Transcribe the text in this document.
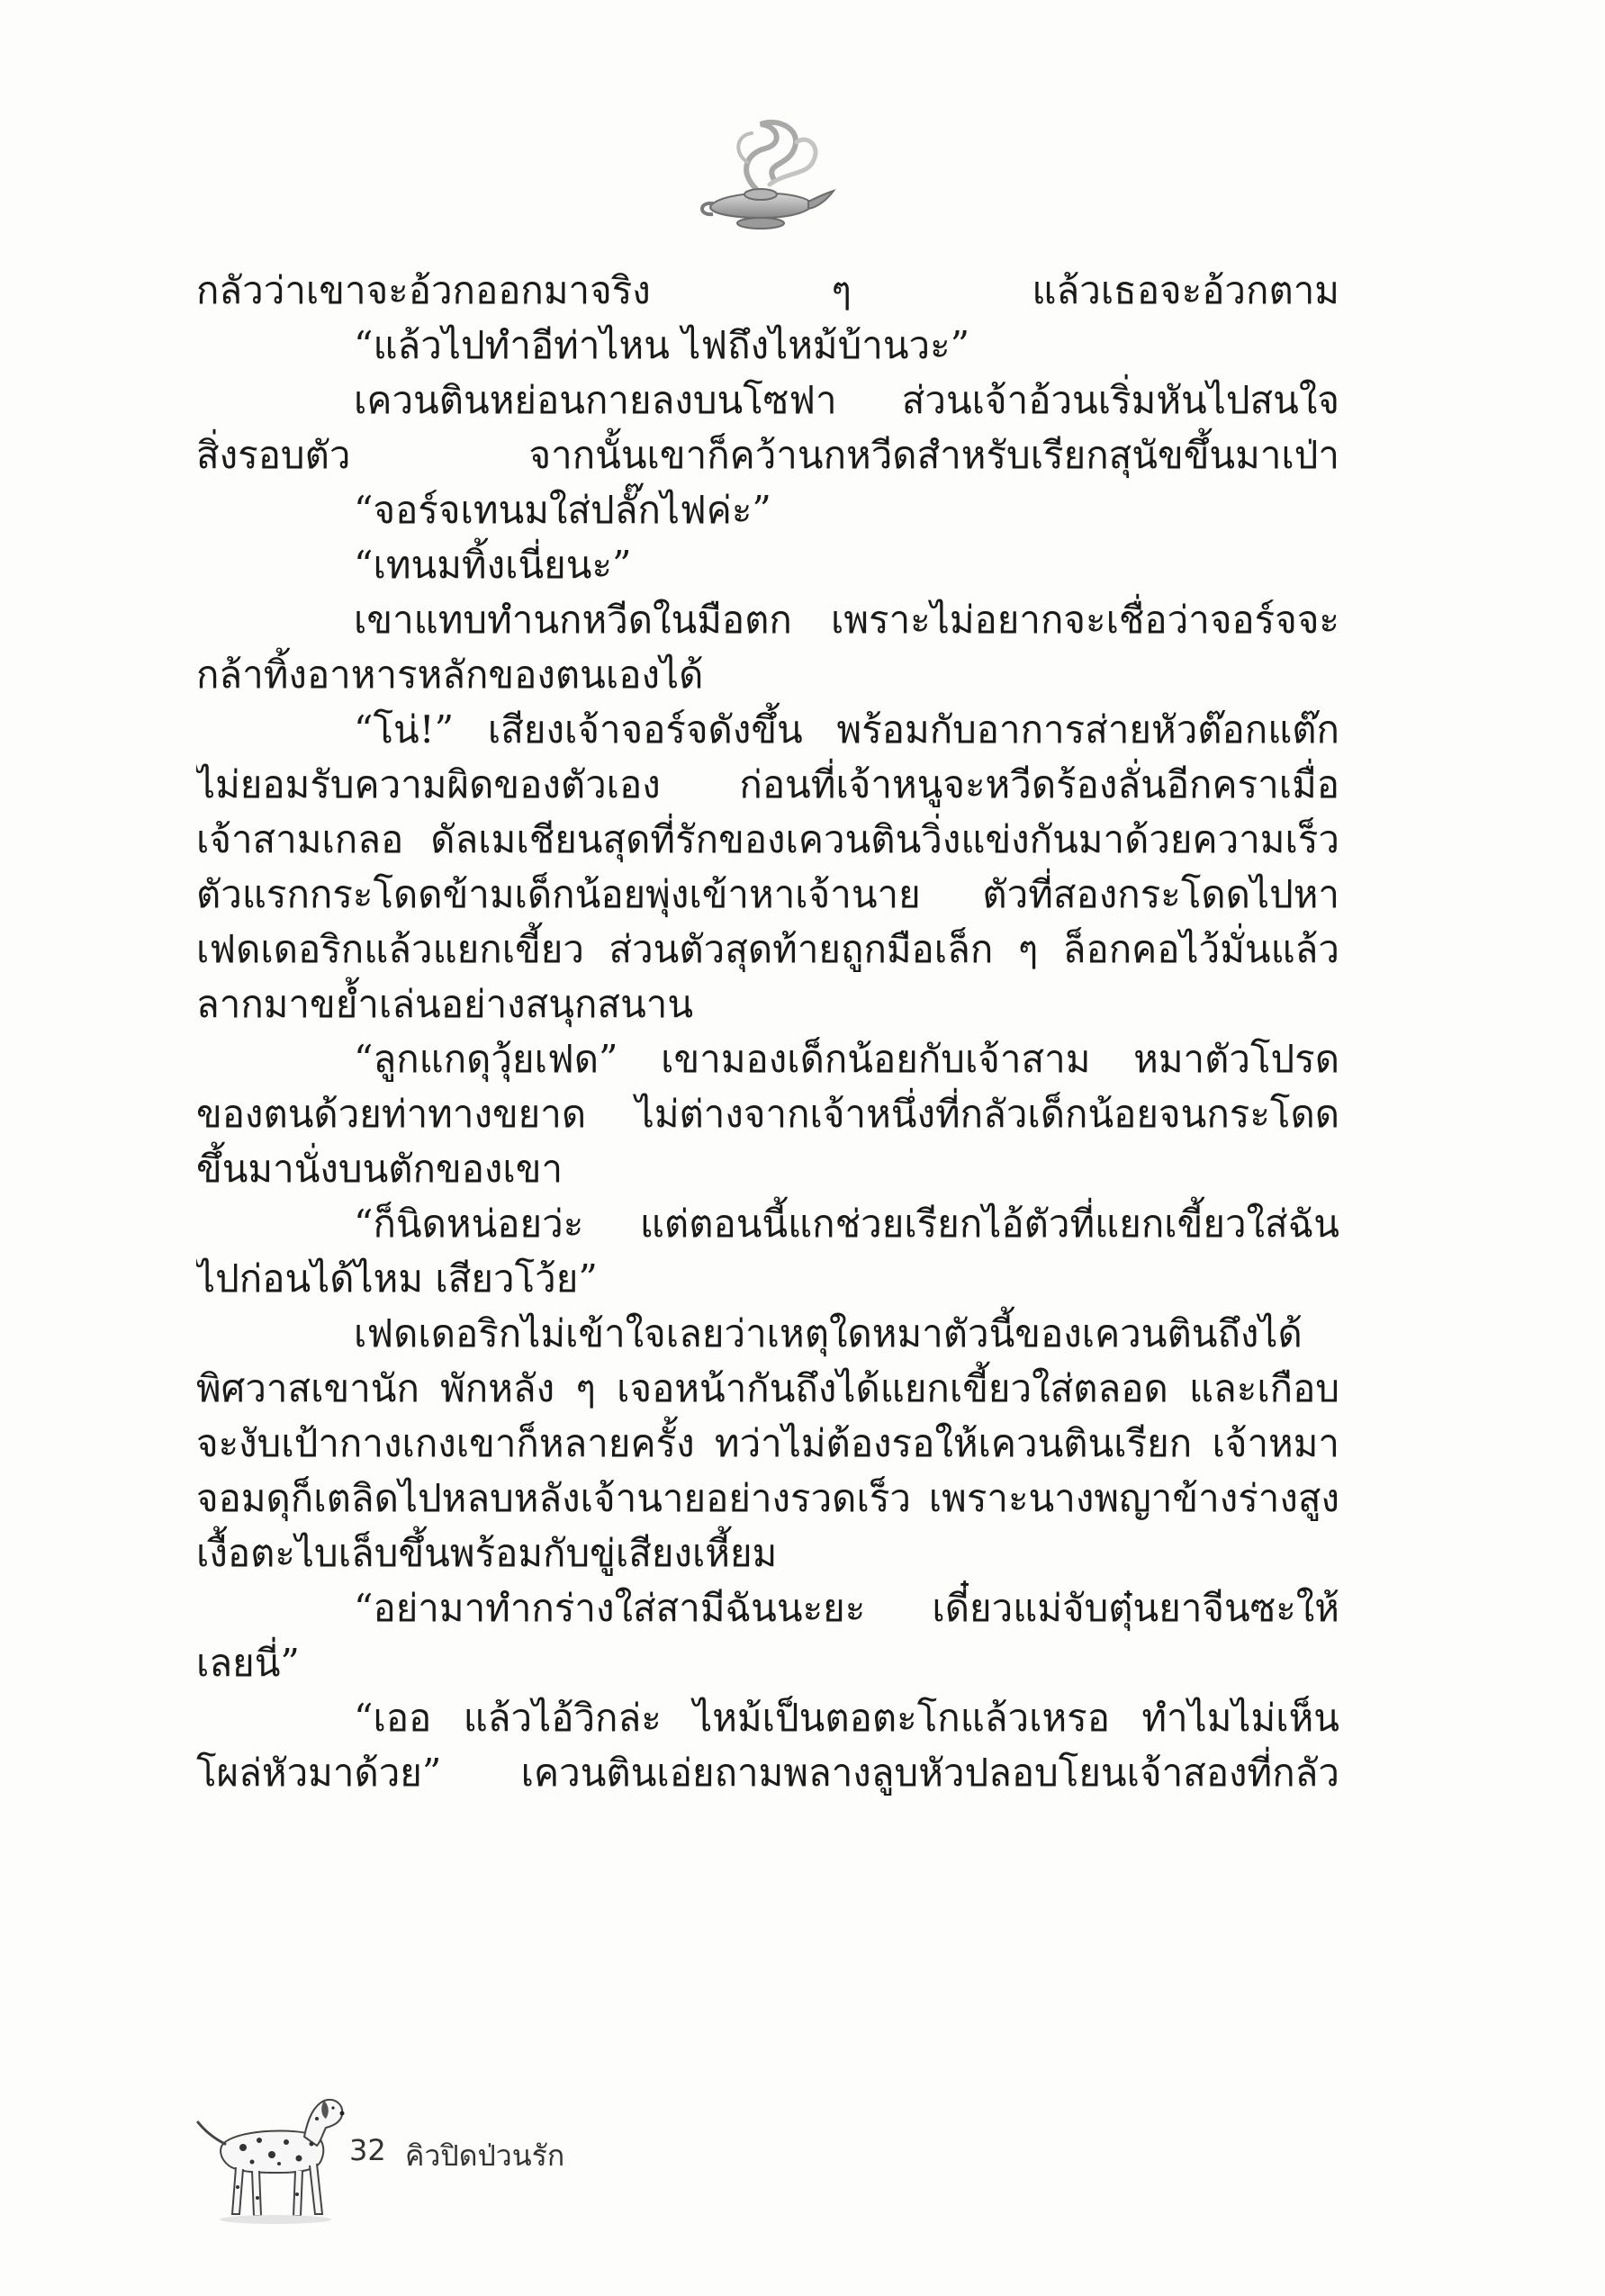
กลัวว่าเขาจะอ้วกออกมาจริง ๆ แล้วเธอจะอ้วกตาม
“แล้วไปทำอีท่าไหน ไฟถึงไหม้บ้านวะ”
เควนตินหย่อนกายลงบนโซฟา ส่วนเจ้าอ้วนเริ่มหันไปสนใจ
สิ่งรอบตัว จากนั้นเขาก็คว้านกหวีดสำหรับเรียกสุนัขขึ้นมาเป่า
“จอร์จเทนมใส่ปลั๊กไฟค่ะ”
“เทนมทิ้งเนี่ยนะ”
เขาแทบทำนกหวีดในมือตก เพราะไม่อยากจะเชื่อว่าจอร์จจะ
กล้าทิ้งอาหารหลักของตนเองได้
“โน่!” เสียงเจ้าจอร์จดังขึ้น พร้อมกับอาการส่ายหัวต๊อกแต๊ก
ไม่ยอมรับความผิดของตัวเอง ก่อนที่เจ้าหนูจะหวีดร้องลั่นอีกคราเมื่อ
เจ้าสามเกลอ ดัลเมเชียนสุดที่รักของเควนตินวิ่งแข่งกันมาด้วยความเร็ว
ตัวแรกกระโดดข้ามเด็กน้อยพุ่งเข้าหาเจ้านาย ตัวที่สองกระโดดไปหา
เฟดเดอริกแล้วแยกเขี้ยว ส่วนตัวสุดท้ายถูกมือเล็ก ๆ ล็อกคอไว้มั่นแล้ว
ลากมาขย้ำเล่นอย่างสนุกสนาน
“ลูกแกดุวุ้ยเฟด” เขามองเด็กน้อยกับเจ้าสาม หมาตัวโปรด
ของตนด้วยท่าทางขยาด ไม่ต่างจากเจ้าหนึ่งที่กลัวเด็กน้อยจนกระโดด
ขึ้นมานั่งบนตักของเขา
“ก็นิดหน่อยว่ะ แต่ตอนนี้แกช่วยเรียกไอ้ตัวที่แยกเขี้ยวใส่ฉัน
ไปก่อนได้ไหม เสียวโว้ย”
เฟดเดอริกไม่เข้าใจเลยว่าเหตุใดหมาตัวนี้ของเควนตินถึงได้
พิศวาสเขานัก พักหลัง ๆ เจอหน้ากันถึงได้แยกเขี้ยวใส่ตลอด และเกือบ
จะงับเป้ากางเกงเขาก็หลายครั้ง ทว่าไม่ต้องรอให้เควนตินเรียก เจ้าหมา
จอมดุก็เตลิดไปหลบหลังเจ้านายอย่างรวดเร็ว เพราะนางพญาข้างร่างสูง
เงื้อตะไบเล็บขึ้นพร้อมกับขู่เสียงเหี้ยม
“อย่ามาทำกร่างใส่สามีฉันนะยะ เดี๋ยวแม่จับตุ๋นยาจีนซะให้
เลยนี่”
“เออ แล้วไอ้วิกล่ะ ไหม้เป็นตอตะโกแล้วเหรอ ทำไมไม่เห็น
โผล่หัวมาด้วย” เควนตินเอ่ยถามพลางลูบหัวปลอบโยนเจ้าสองที่กลัว
32 คิวปิดป่วนรัก
